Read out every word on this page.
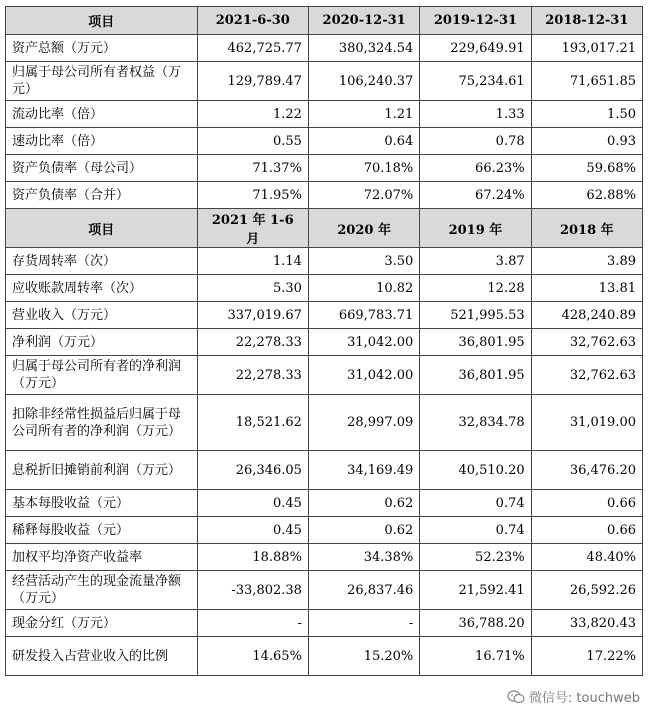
项目	2021-6-30	2020-12-31	2019-12-31	2018-12-31
资产总额（万元）	462,725.77	380,324.54	229,649.91	193,017.21
归属于母公司所有者权益（万元）	129,789.47	106,240.37	75,234.61	71,651.85
流动比率（倍）	1.22	1.21	1.33	1.50
速动比率（倍）	0.55	0.64	0.78	0.93
资产负债率（母公司）	71.37%	70.18%	66.23%	59.68%
资产负债率（合并）	71.95%	72.07%	67.24%	62.88%
项目	2021 年 1-6 月	2020 年	2019 年	2018 年
存货周转率（次）	1.14	3.50	3.87	3.89
应收账款周转率（次）	5.30	10.82	12.28	13.81
营业收入（万元）	337,019.67	669,783.71	521,995.53	428,240.89
净利润（万元）	22,278.33	31,042.00	36,801.95	32,762.63
归属于母公司所有者的净利润（万元）	22,278.33	31,042.00	36,801.95	32,762.63
扣除非经常性损益后归属于母公司所有者的净利润（万元）	18,521.62	28,997.09	32,834.78	31,019.00
息税折旧摊销前利润（万元）	26,346.05	34,169.49	40,510.20	36,476.20
基本每股收益（元）	0.45	0.62	0.74	0.66
稀释每股收益（元）	0.45	0.62	0.74	0.66
加权平均净资产收益率	18.88%	34.38%	52.23%	48.40%
经营活动产生的现金流量净额（万元）	-33,802.38	26,837.46	21,592.41	26,592.26
现金分红（万元）	-	-	36,788.20	33,820.43
研发投入占营业收入的比例	14.65%	15.20%	16.71%	17.22%
微信号: touchweb
